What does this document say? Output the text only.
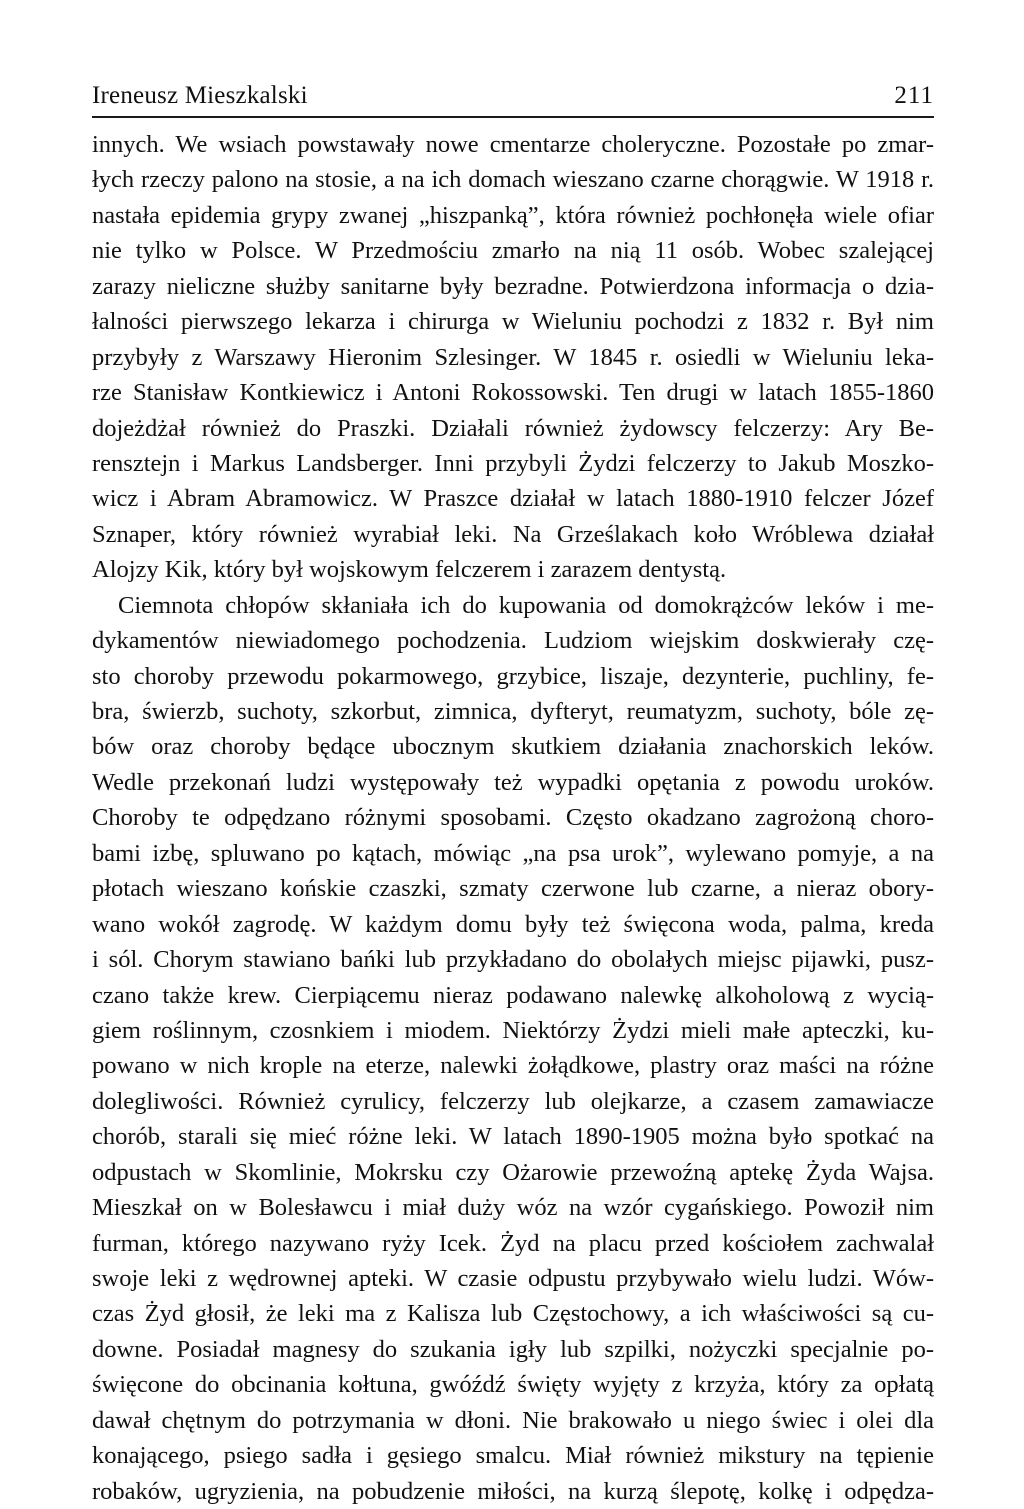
Ireneusz Mieszkalski	211
innych. We wsiach powstawały nowe cmentarze choleryczne. Pozostałe po zmar-
łych rzeczy palono na stosie, a na ich domach wieszano czarne chorągwie. W 1918 r.
nastała epidemia grypy zwanej „hiszpanką”, która również pochłonęła wiele ofiar
nie tylko w Polsce. W Przedmościu zmarło na nią 11 osób. Wobec szalejącej
zarazy nieliczne służby sanitarne były bezradne. Potwierdzona informacja o dzia-
łalności pierwszego lekarza i chirurga w Wieluniu pochodzi z 1832 r. Był nim
przybyły z Warszawy Hieronim Szlesinger. W 1845 r. osiedli w Wieluniu leka-
rze Stanisław Kontkiewicz i Antoni Rokossowski. Ten drugi w latach 1855-1860
dojeżdżał również do Praszki. Działali również żydowscy felczerzy: Ary Be-
rensztejn i Markus Landsberger. Inni przybyli Żydzi felczerzy to Jakub Moszko-
wicz i Abram Abramowicz. W Praszce działał w latach 1880-1910 felczer Józef
Sznaper, który również wyrabiał leki. Na Grześlakach koło Wróblewa działał
Alojzy Kik, który był wojskowym felczerem i zarazem dentystą.
Ciemnota chłopów skłaniała ich do kupowania od domokrążców leków i me-
dykamentów niewiadomego pochodzenia. Ludziom wiejskim doskwierały czę-
sto choroby przewodu pokarmowego, grzybice, liszaje, dezynterie, puchliny, fe-
bra, świerzb, suchoty, szkorbut, zimnica, dyfteryt, reumatyzm, suchoty, bóle zę-
bów oraz choroby będące ubocznym skutkiem działania znachorskich leków.
Wedle przekonań ludzi występowały też wypadki opętania z powodu uroków.
Choroby te odpędzano różnymi sposobami. Często okadzano zagrożoną choro-
bami izbę, spluwano po kątach, mówiąc „na psa urok”, wylewano pomyje, a na
płotach wieszano końskie czaszki, szmaty czerwone lub czarne, a nieraz obory-
wano wokół zagrodę. W każdym domu były też święcona woda, palma, kreda
i sól. Chorym stawiano bańki lub przykładano do obolałych miejsc pijawki, pusz-
czano także krew. Cierpiącemu nieraz podawano nalewkę alkoholową z wycią-
giem roślinnym, czosnkiem i miodem. Niektórzy Żydzi mieli małe apteczki, ku-
powano w nich krople na eterze, nalewki żołądkowe, plastry oraz maści na różne
dolegliwości. Również cyrulicy, felczerzy lub olejkarze, a czasem zamawiacze
chorób, starali się mieć różne leki. W latach 1890-1905 można było spotkać na
odpustach w Skomlinie, Mokrsku czy Ożarowie przewoźną aptekę Żyda Wajsa.
Mieszkał on w Bolesławcu i miał duży wóz na wzór cygańskiego. Powoził nim
furman, którego nazywano ryży Icek. Żyd na placu przed kościołem zachwalał
swoje leki z wędrownej apteki. W czasie odpustu przybywało wielu ludzi. Wów-
czas Żyd głosił, że leki ma z Kalisza lub Częstochowy, a ich właściwości są cu-
downe. Posiadał magnesy do szukania igły lub szpilki, nożyczki specjalnie po-
święcone do obcinania kołtuna, gwóźdź święty wyjęty z krzyża, który za opłatą
dawał chętnym do potrzymania w dłoni. Nie brakowało u niego świec i olei dla
konającego, psiego sadła i gęsiego smalcu. Miał również mikstury na tępienie
robaków, ugryzienia, na pobudzenie miłości, na kurzą ślepotę, kolkę i odpędza-
